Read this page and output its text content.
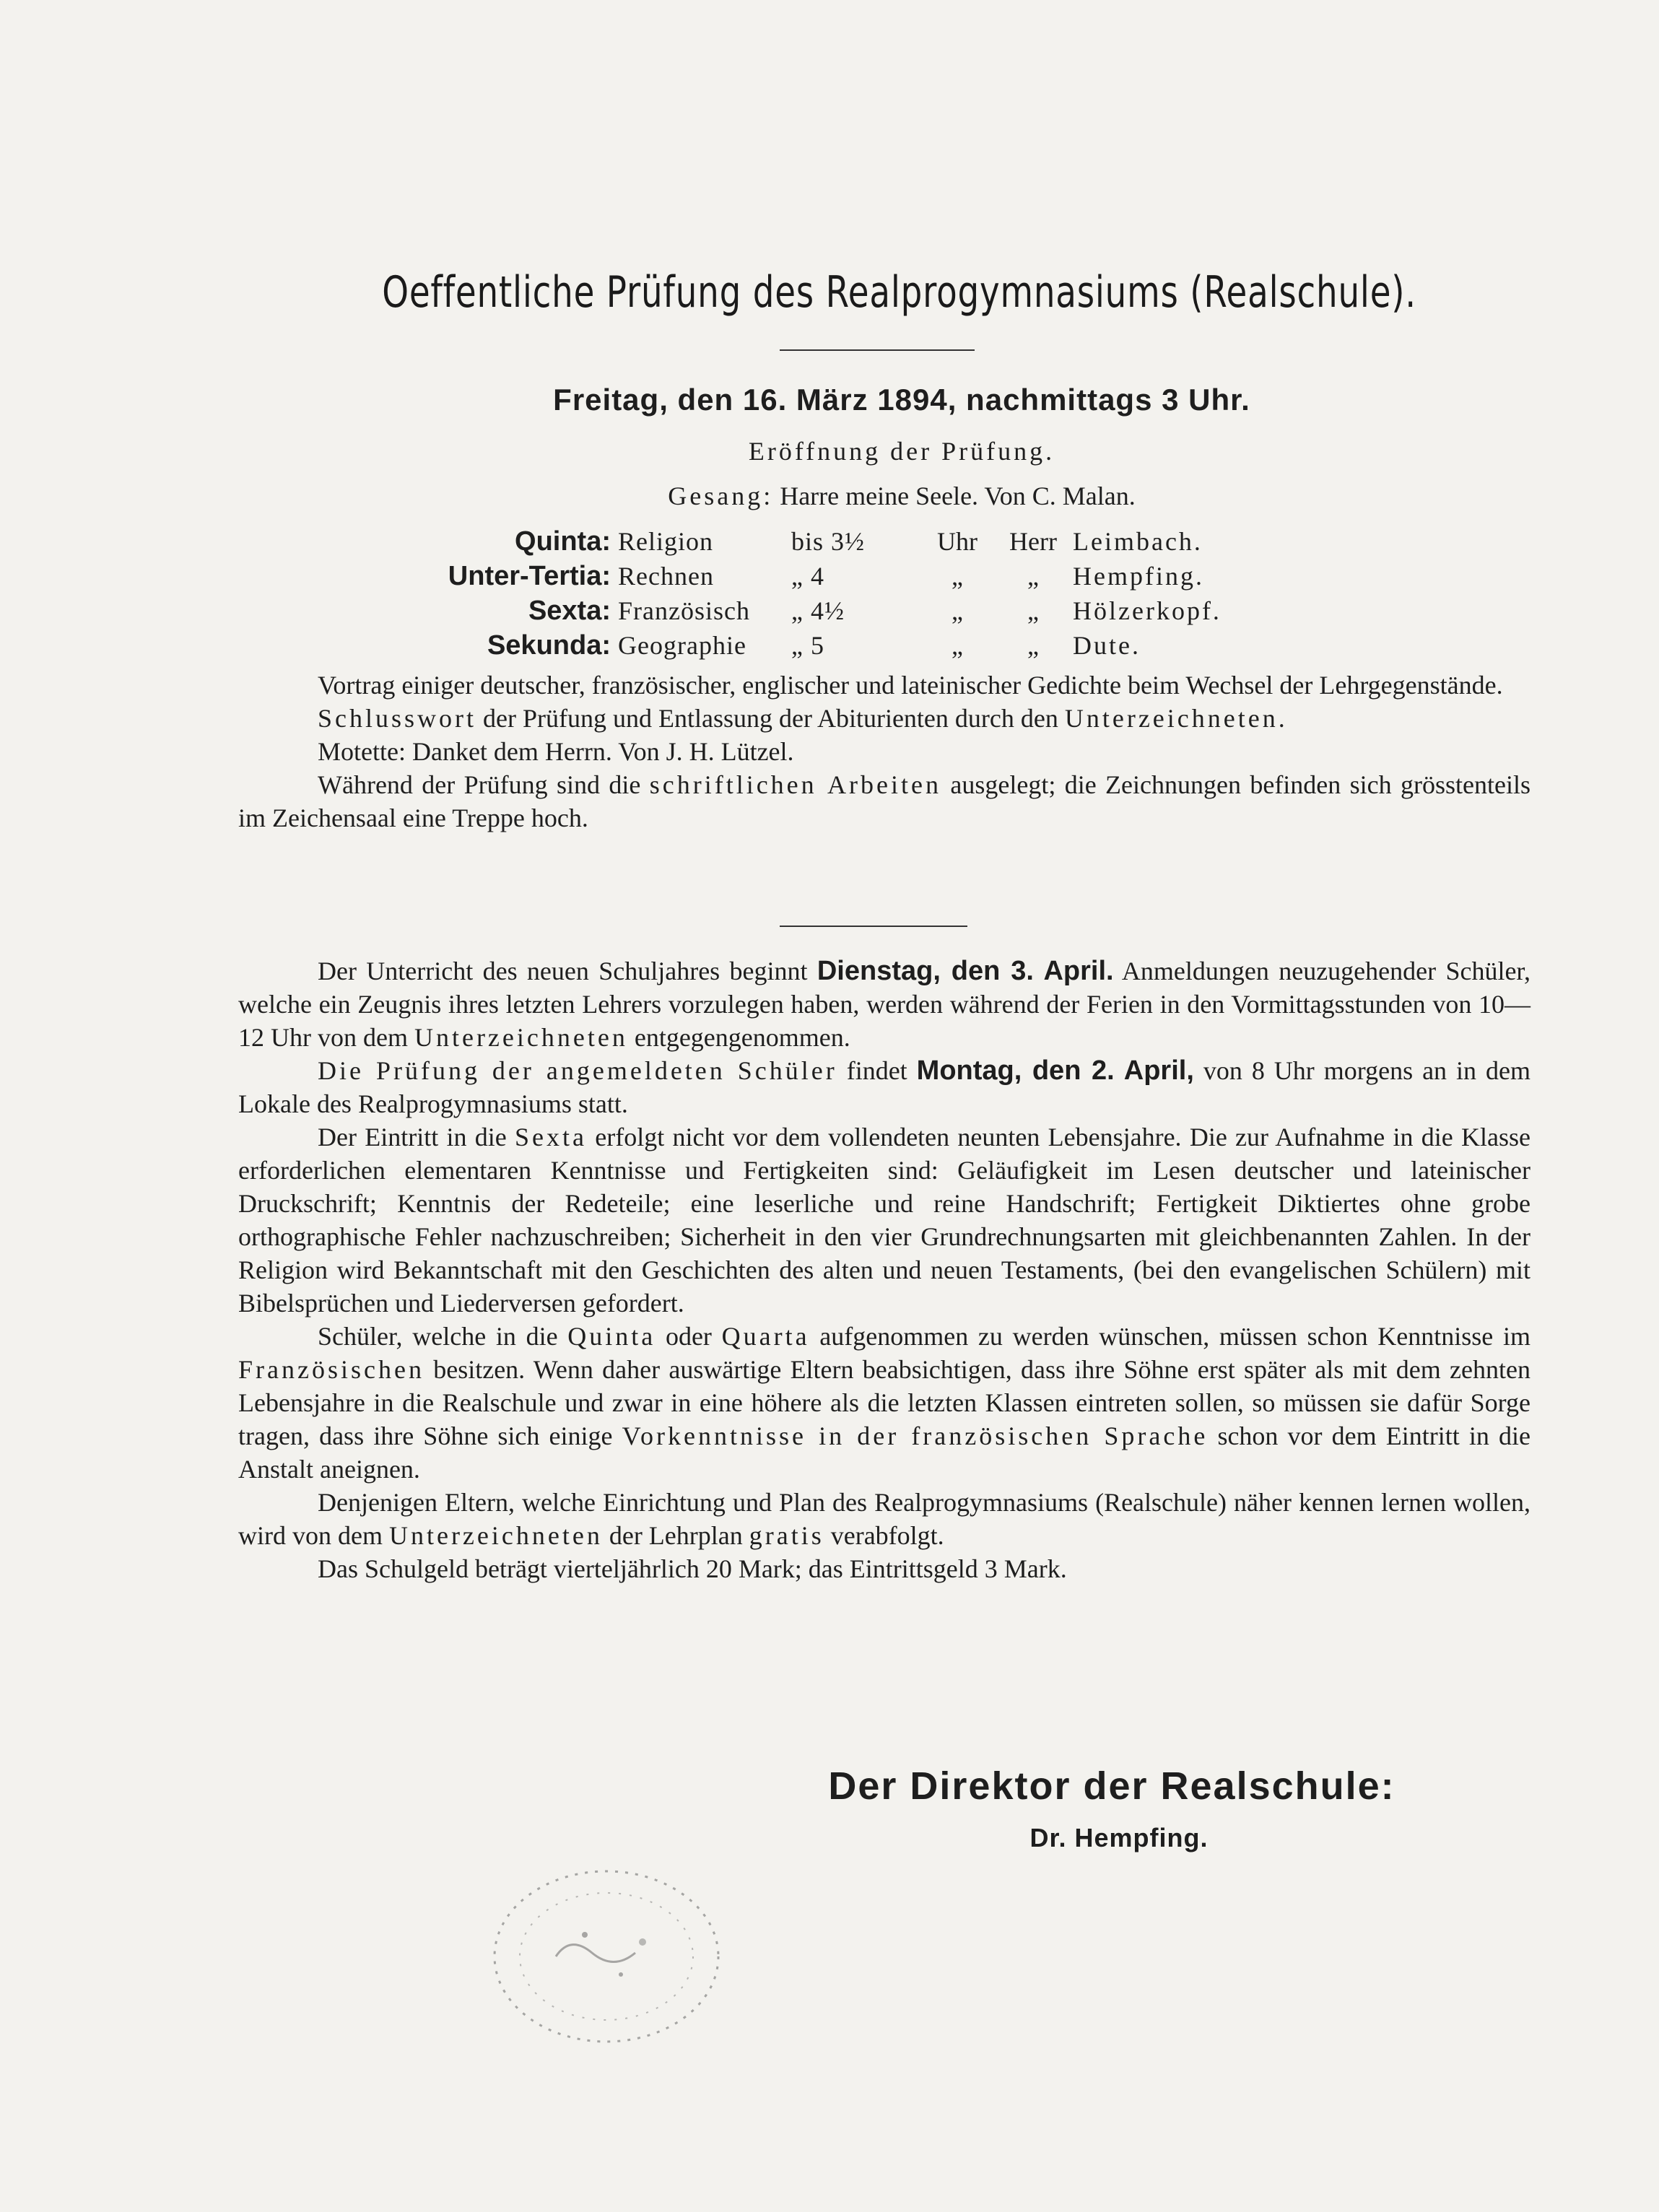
Oeffentliche Prüfung des Realprogymnasiums (Realschule).
Freitag, den 16. März 1894, nachmittags 3 Uhr.
Eröffnung der Prüfung.
Gesang: Harre meine Seele. Von C. Malan.
Quinta: Religion	bis 3½	Uhr	Herr Leimbach.
Unter-Tertia: Rechnen	„ 4	„	„	Hempfing.
Sexta: Französisch	„ 4½	„	„	Hölzerkopf.
Sekunda: Geographie	„ 5	„	„	Dute.

Vortrag einiger deutscher, französischer, englischer und lateinischer Gedichte beim Wechsel der Lehrgegenstände.

Schlusswort der Prüfung und Entlassung der Abiturienten durch den Unterzeichneten.

Motette: Danket dem Herrn. Von J. H. Lützel.

Während der Prüfung sind die schriftlichen Arbeiten ausgelegt; die Zeichnungen befinden sich grösstenteils im Zeichensaal eine Treppe hoch.

Der Unterricht des neuen Schuljahres beginnt Dienstag, den 3. April. Anmeldungen neuzugehender Schüler, welche ein Zeugnis ihres letzten Lehrers vorzulegen haben, werden während der Ferien in den Vormittagsstunden von 10—12 Uhr von dem Unterzeichneten entgegengenommen.

Die Prüfung der angemeldeten Schüler findet Montag, den 2. April, von 8 Uhr morgens an in dem Lokale des Realprogymnasiums statt.

Der Eintritt in die Sexta erfolgt nicht vor dem vollendeten neunten Lebensjahre. Die zur Aufnahme in die Klasse erforderlichen elementaren Kenntnisse und Fertigkeiten sind: Geläufigkeit im Lesen deutscher und lateinischer Druckschrift; Kenntnis der Redeteile; eine leserliche und reine Handschrift; Fertigkeit Diktiertes ohne grobe orthographische Fehler nachzuschreiben; Sicherheit in den vier Grundrechnungsarten mit gleichbenannten Zahlen. In der Religion wird Bekanntschaft mit den Geschichten des alten und neuen Testaments, (bei den evangelischen Schülern) mit Bibelsprüchen und Liederversen gefordert.

Schüler, welche in die Quinta oder Quarta aufgenommen zu werden wünschen, müssen schon Kenntnisse im Französischen besitzen. Wenn daher auswärtige Eltern beabsichtigen, dass ihre Söhne erst später als mit dem zehnten Lebensjahre in die Realschule und zwar in eine höhere als die letzten Klassen eintreten sollen, so müssen sie dafür Sorge tragen, dass ihre Söhne sich einige Vorkenntnisse in der französischen Sprache schon vor dem Eintritt in die Anstalt aneignen.

Denjenigen Eltern, welche Einrichtung und Plan des Realprogymnasiums (Realschule) näher kennen lernen wollen, wird von dem Unterzeichneten der Lehrplan gratis verabfolgt.

Das Schulgeld beträgt vierteljährlich 20 Mark; das Eintrittsgeld 3 Mark.

Der Direktor der Realschule:
Dr. Hempfing.
